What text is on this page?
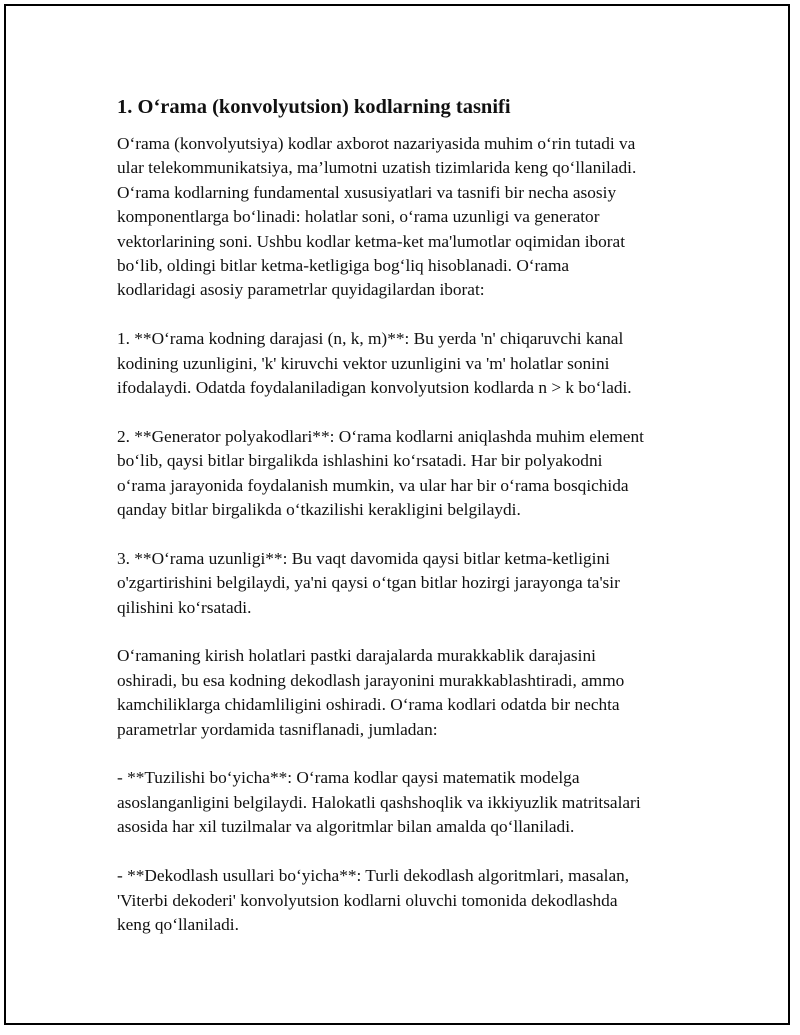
1. O‘rama (konvolyutsion) kodlarning tasnifi

O‘rama (konvolyutsiya) kodlar axborot nazariyasida muhim o‘rin tutadi va
ular telekommunikatsiya, ma’lumotni uzatish tizimlarida keng qo‘llaniladi.
O‘rama kodlarning fundamental xususiyatlari va tasnifi bir necha asosiy
komponentlarga bo‘linadi: holatlar soni, o‘rama uzunligi va generator
vektorlarining soni. Ushbu kodlar ketma-ket ma'lumotlar oqimidan iborat
bo‘lib, oldingi bitlar ketma-ketligiga bog‘liq hisoblanadi. O‘rama
kodlaridagi asosiy parametrlar quyidagilardan iborat:

1. **O‘rama kodning darajasi (n, k, m)**: Bu yerda 'n' chiqaruvchi kanal
kodining uzunligini, 'k' kiruvchi vektor uzunligini va 'm' holatlar sonini
ifodalaydi. Odatda foydalaniladigan konvolyutsion kodlarda n > k bo‘ladi.

2. **Generator polyakodlari**: O‘rama kodlarni aniqlashda muhim element
bo‘lib, qaysi bitlar birgalikda ishlashini ko‘rsatadi. Har bir polyakodni
o‘rama jarayonida foydalanish mumkin, va ular har bir o‘rama bosqichida
qanday bitlar birgalikda o‘tkazilishi kerakligini belgilaydi.

3. **O‘rama uzunligi**: Bu vaqt davomida qaysi bitlar ketma-ketligini
o'zgartirishini belgilaydi, ya'ni qaysi o‘tgan bitlar hozirgi jarayonga ta'sir
qilishini ko‘rsatadi.

O‘ramaning kirish holatlari pastki darajalarda murakkablik darajasini
oshiradi, bu esa kodning dekodlash jarayonini murakkablashtiradi, ammo
kamchiliklarga chidamliligini oshiradi. O‘rama kodlari odatda bir nechta
parametrlar yordamida tasniflanadi, jumladan:

- **Tuzilishi bo‘yicha**: O‘rama kodlar qaysi matematik modelga
asoslanganligini belgilaydi. Halokatli qashshoqlik va ikkiyuzlik matritsalari
asosida har xil tuzilmalar va algoritmlar bilan amalda qo‘llaniladi.

- **Dekodlash usullari bo‘yicha**: Turli dekodlash algoritmlari, masalan,
'Viterbi dekoderi' konvolyutsion kodlarni oluvchi tomonida dekodlashda
keng qo‘llaniladi.
